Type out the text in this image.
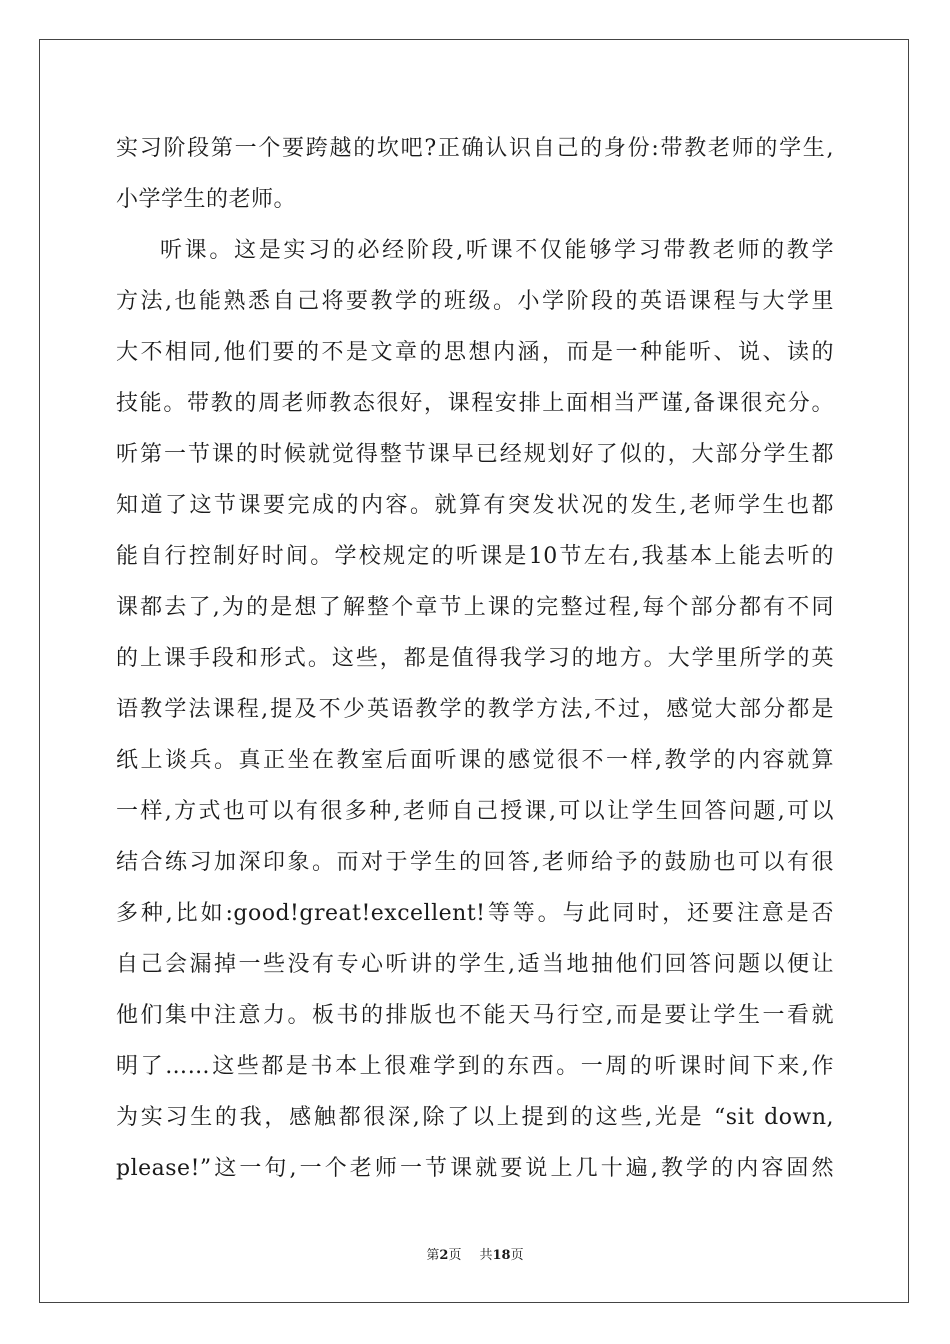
实习阶段第一个要跨越的坎吧?正确认识自己的身份:带教老师的学生,
小学学生的老师。
听课。这是实习的必经阶段,听课不仅能够学习带教老师的教学
方法,也能熟悉自己将要教学的班级。小学阶段的英语课程与大学里
大不相同,他们要的不是文章的思想内涵，而是一种能听、说、读的
技能。带教的周老师教态很好，课程安排上面相当严谨,备课很充分。
听第一节课的时候就觉得整节课早已经规划好了似的，大部分学生都
知道了这节课要完成的内容。就算有突发状况的发生,老师学生也都
能自行控制好时间。学校规定的听课是10节左右,我基本上能去听的
课都去了,为的是想了解整个章节上课的完整过程,每个部分都有不同
的上课手段和形式。这些，都是值得我学习的地方。大学里所学的英
语教学法课程,提及不少英语教学的教学方法,不过，感觉大部分都是
纸上谈兵。真正坐在教室后面听课的感觉很不一样,教学的内容就算
一样,方式也可以有很多种,老师自己授课,可以让学生回答问题,可以
结合练习加深印象。而对于学生的回答,老师给予的鼓励也可以有很
多种,比如:good!great!excellent!等等。与此同时，还要注意是否
自己会漏掉一些没有专心听讲的学生,适当地抽他们回答问题以便让
他们集中注意力。板书的排版也不能天马行空,而是要让学生一看就
明了……这些都是书本上很难学到的东西。一周的听课时间下来,作
为实习生的我，感触都很深,除了以上提到的这些,光是 “sit down,
please!”这一句,一个老师一节课就要说上几十遍,教学的内容固然
第2页 共18页
